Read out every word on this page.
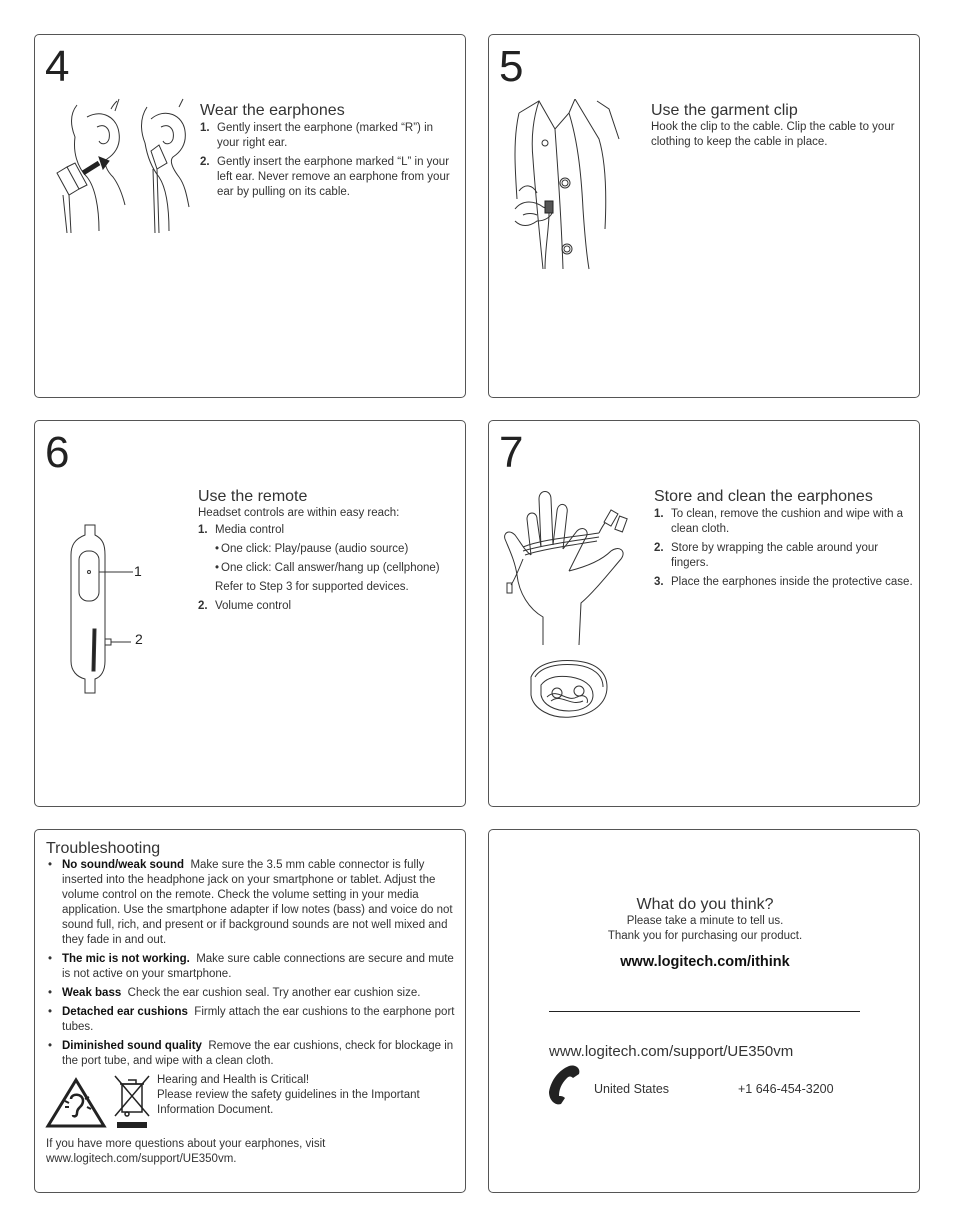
4
Wear the earphones
1. Gently insert the earphone (marked “R”) in your right ear.
2. Gently insert the earphone marked “L” in your left ear. Never remove an earphone from your ear by pulling on its cable.
5
Use the garment clip
Hook the clip to the cable. Clip the cable to your clothing to keep the cable in place.
6
1
2
Use the remote
Headset controls are within easy reach:
1. Media control
• One click: Play/pause (audio source)
• One click: Call answer/hang up (cellphone)
Refer to Step 3 for supported devices.
2. Volume control
7
Store and clean the earphones
1. To clean, remove the cushion and wipe with a clean cloth.
2. Store by wrapping the cable around your fingers.
3. Place the earphones inside the protective case.
Troubleshooting
• No sound/weak sound Make sure the 3.5 mm cable connector is fully inserted into the headphone jack on your smartphone or tablet. Adjust the volume control on the remote. Check the volume setting in your media application. Use the smartphone adapter if low notes (bass) and voice do not sound full, rich, and present or if background sounds are not well mixed and they fade in and out.
• The mic is not working. Make sure cable connections are secure and mute is not active on your smartphone.
• Weak bass Check the ear cushion seal. Try another ear cushion size.
• Detached ear cushions Firmly attach the ear cushions to the earphone port tubes.
• Diminished sound quality Remove the ear cushions, check for blockage in the port tube, and wipe with a clean cloth.
Hearing and Health is Critical!
Please review the safety guidelines in the Important Information Document.
If you have more questions about your earphones, visit www.logitech.com/support/UE350vm.
What do you think?
Please take a minute to tell us.
Thank you for purchasing our product.
www.logitech.com/ithink
www.logitech.com/support/UE350vm
United States	+1 646-454-3200
